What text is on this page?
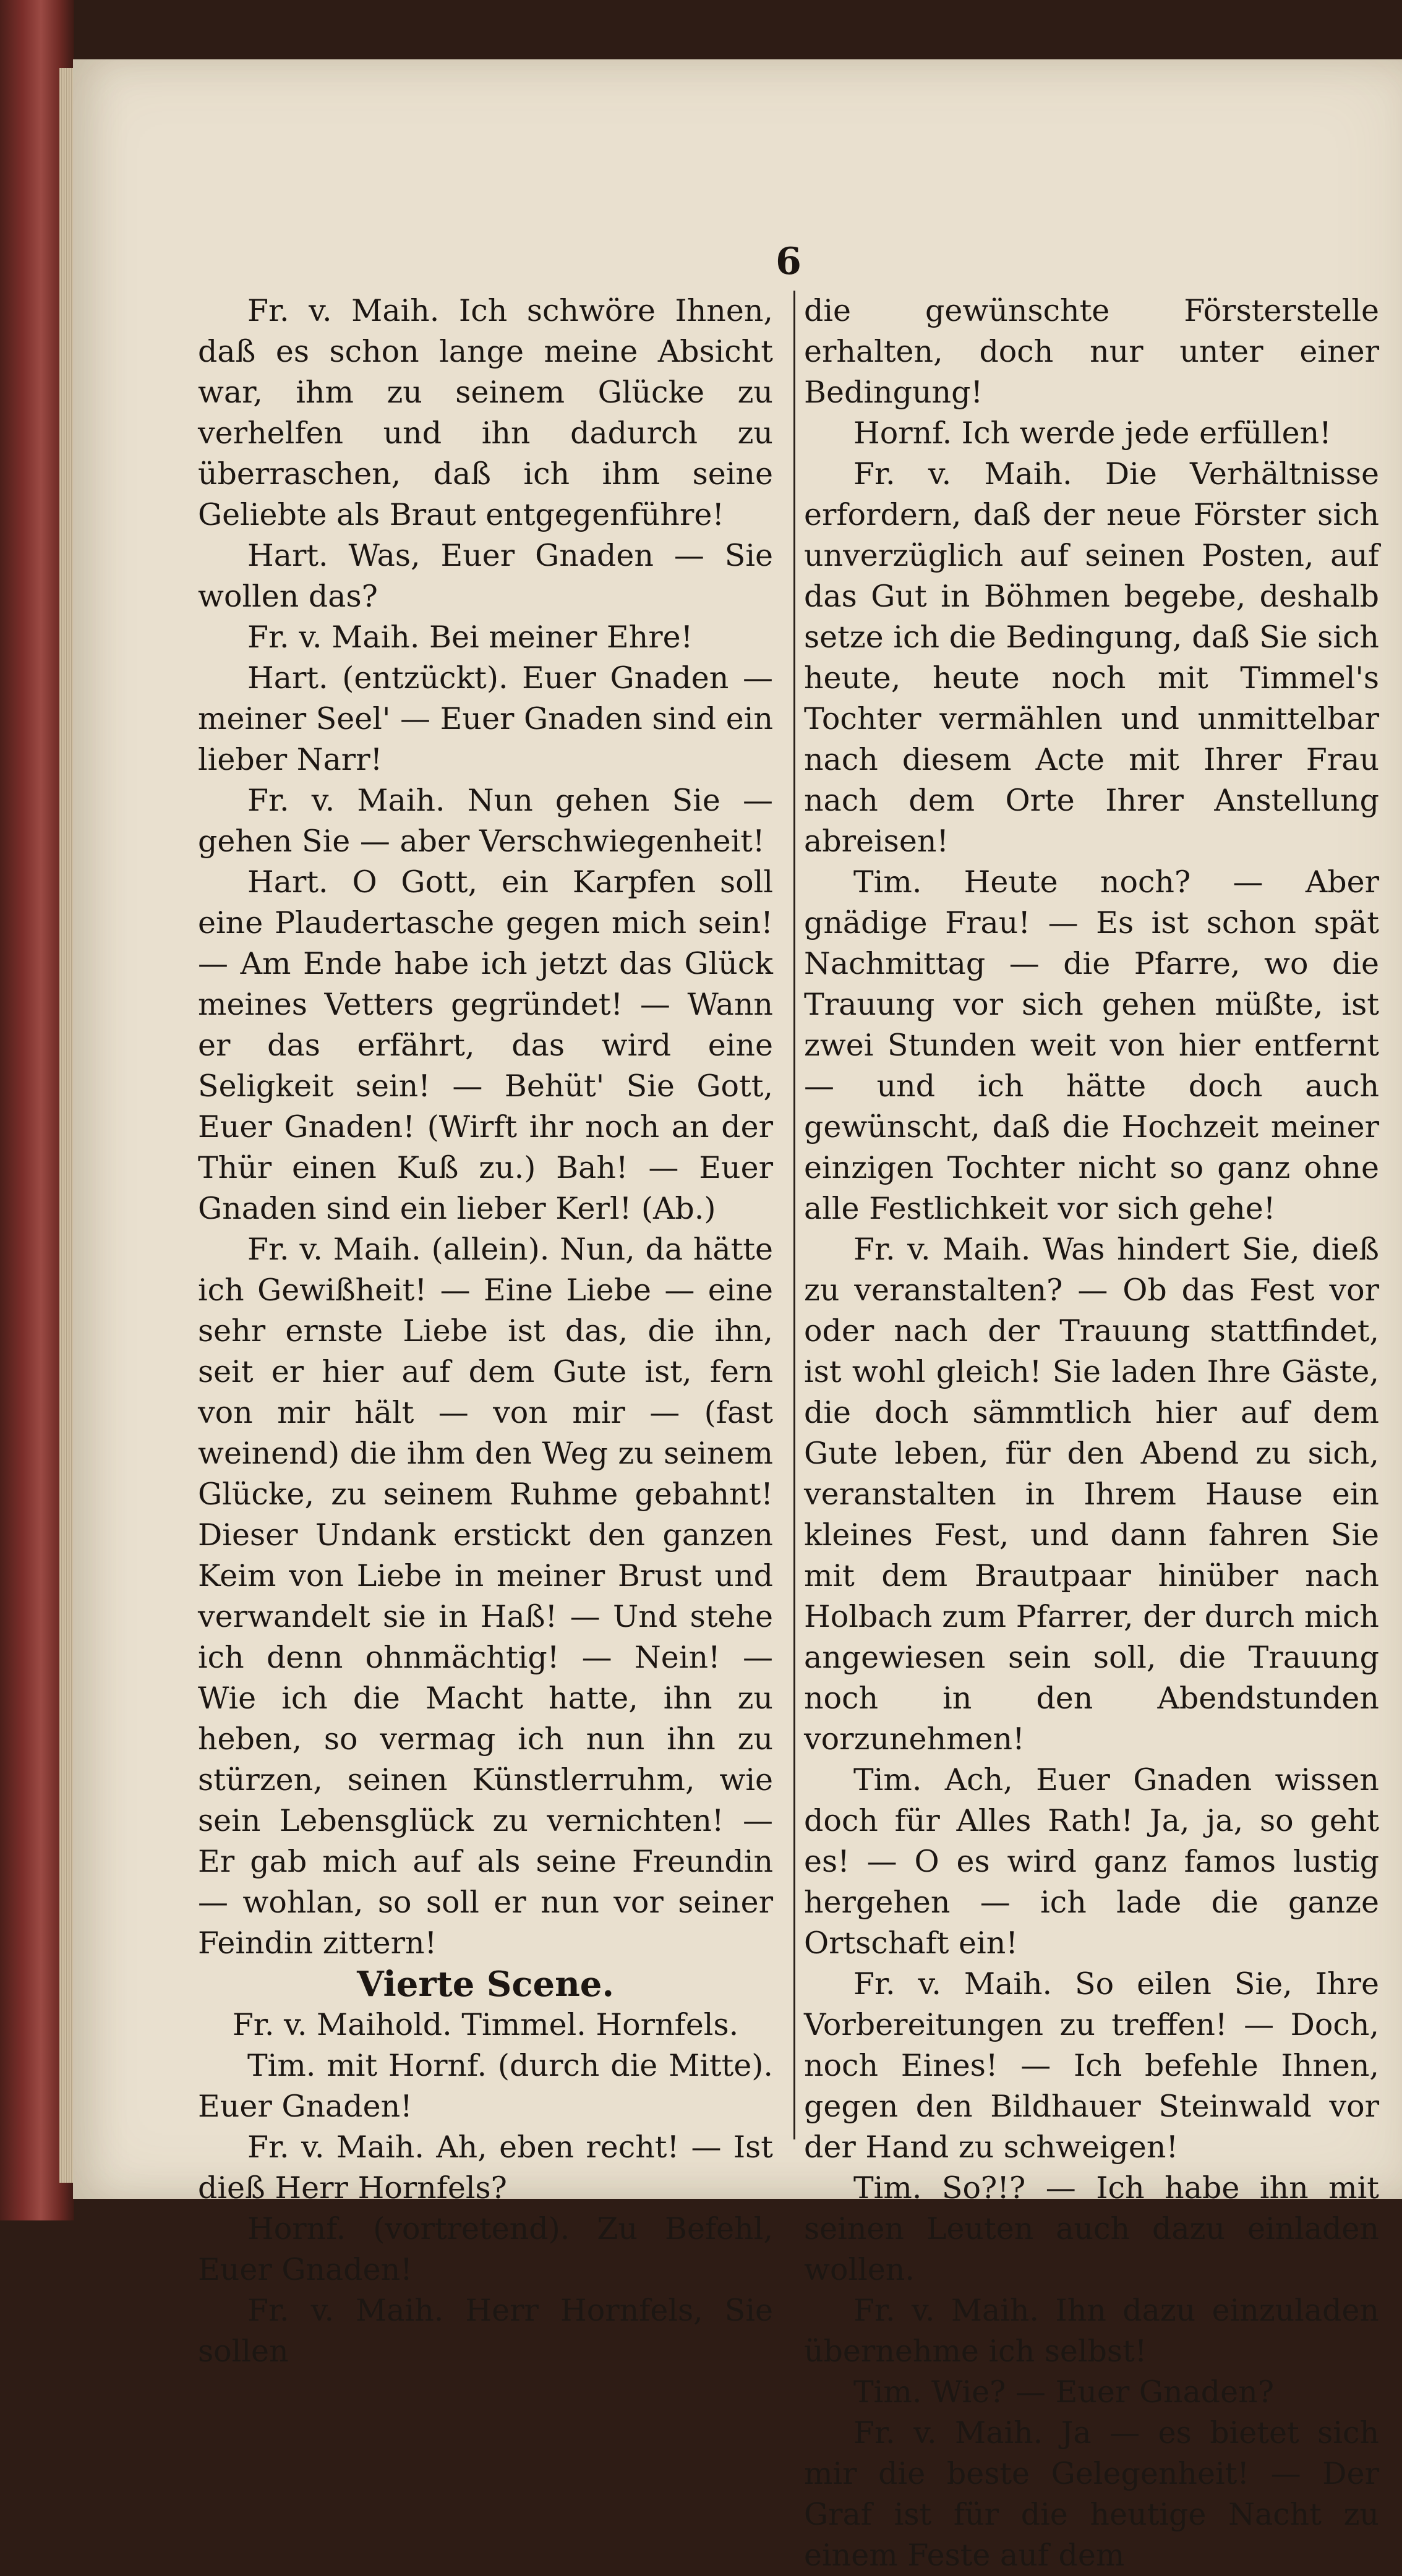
6

Fr. v. Maih. Ich schwöre Ihnen, daß es schon lange meine Absicht war, ihm zu seinem Glücke zu verhelfen und ihn dadurch zu überraschen, daß ich ihm seine Geliebte als Braut entgegenführe!

Hart. Was, Euer Gnaden — Sie wollen das?

Fr. v. Maih. Bei meiner Ehre!

Hart. (entzückt). Euer Gnaden — meiner Seel' — Euer Gnaden sind ein lieber Narr!

Fr. v. Maih. Nun gehen Sie — gehen Sie — aber Verschwiegenheit!

Hart. O Gott, ein Karpfen soll eine Plaudertasche gegen mich sein! — Am Ende habe ich jetzt das Glück meines Vetters gegründet! — Wann er das erfährt, das wird eine Seligkeit sein! — Behüt' Sie Gott, Euer Gnaden! (Wirft ihr noch an der Thür einen Kuß zu.) Bah! — Euer Gnaden sind ein lieber Kerl! (Ab.)

Fr. v. Maih. (allein). Nun, da hätte ich Gewißheit! — Eine Liebe — eine sehr ernste Liebe ist das, die ihn, seit er hier auf dem Gute ist, fern von mir hält — von mir — (fast weinend) die ihm den Weg zu seinem Glücke, zu seinem Ruhme gebahnt! Dieser Undank erstickt den ganzen Keim von Liebe in meiner Brust und verwandelt sie in Haß! — Und stehe ich denn ohnmächtig! — Nein! — Wie ich die Macht hatte, ihn zu heben, so vermag ich nun ihn zu stürzen, seinen Künstlerruhm, wie sein Lebensglück zu vernichten! — Er gab mich auf als seine Freundin — wohlan, so soll er nun vor seiner Feindin zittern!

Vierte Scene.

Fr. v. Maihold. Timmel. Hornfels.

Tim. mit Hornf. (durch die Mitte). Euer Gnaden!

Fr. v. Maih. Ah, eben recht! — Ist dieß Herr Hornfels?

Hornf. (vortretend). Zu Befehl, Euer Gnaden!

Fr. v. Maih. Herr Hornfels, Sie sollen

die gewünschte Försterstelle erhalten, doch nur unter einer Bedingung!

Hornf. Ich werde jede erfüllen!

Fr. v. Maih. Die Verhältnisse erfordern, daß der neue Förster sich unverzüglich auf seinen Posten, auf das Gut in Böhmen begebe, deshalb setze ich die Bedingung, daß Sie sich heute, heute noch mit Timmel's Tochter vermählen und unmittelbar nach diesem Acte mit Ihrer Frau nach dem Orte Ihrer Anstellung abreisen!

Tim. Heute noch? — Aber gnädige Frau! — Es ist schon spät Nachmittag — die Pfarre, wo die Trauung vor sich gehen müßte, ist zwei Stunden weit von hier entfernt — und ich hätte doch auch gewünscht, daß die Hochzeit meiner einzigen Tochter nicht so ganz ohne alle Festlichkeit vor sich gehe!

Fr. v. Maih. Was hindert Sie, dieß zu veranstalten? — Ob das Fest vor oder nach der Trauung stattfindet, ist wohl gleich! Sie laden Ihre Gäste, die doch sämmtlich hier auf dem Gute leben, für den Abend zu sich, veranstalten in Ihrem Hause ein kleines Fest, und dann fahren Sie mit dem Brautpaar hinüber nach Holbach zum Pfarrer, der durch mich angewiesen sein soll, die Trauung noch in den Abendstunden vorzunehmen!

Tim. Ach, Euer Gnaden wissen doch für Alles Rath! Ja, ja, so geht es! — O es wird ganz famos lustig hergehen — ich lade die ganze Ortschaft ein!

Fr. v. Maih. So eilen Sie, Ihre Vorbereitungen zu treffen! — Doch, noch Eines! — Ich befehle Ihnen, gegen den Bildhauer Steinwald vor der Hand zu schweigen!

Tim. So?!? — Ich habe ihn mit seinen Leuten auch dazu einladen wollen.

Fr. v. Maih. Ihn dazu einzuladen übernehme ich selbst!

Tim. Wie? — Euer Gnaden?

Fr. v. Maih. Ja — es bietet sich mir die beste Gelegenheit! — Der Graf ist für die heutige Nacht zu einem Feste auf dem
